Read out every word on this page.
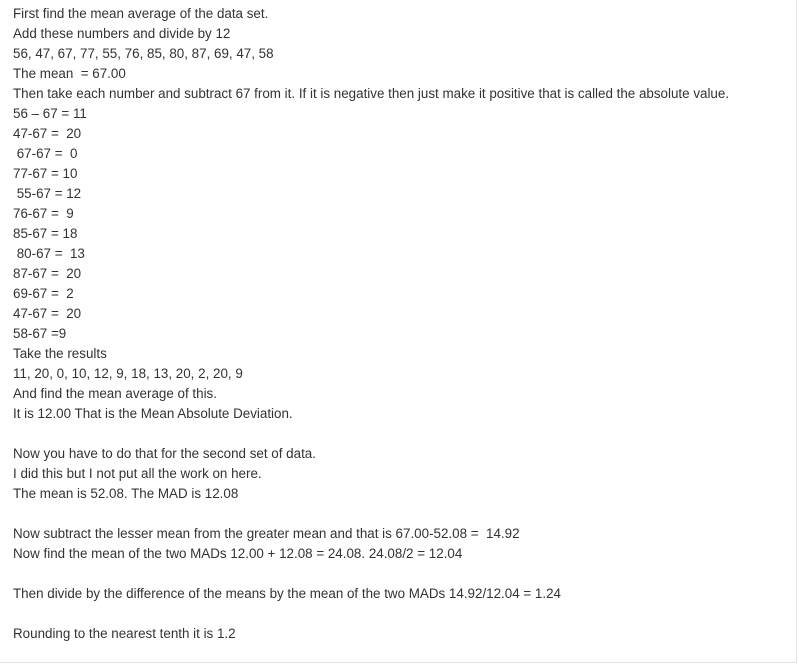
First find the mean average of the data set.
Add these numbers and divide by 12
56, 47, 67, 77, 55, 76, 85, 80, 87, 69, 47, 58
The mean  = 67.00
Then take each number and subtract 67 from it. If it is negative then just make it positive that is called the absolute value.
56 – 67 = 11
47-67 =  20
67-67 =  0
77-67 = 10
55-67 = 12
76-67 =  9
85-67 = 18
80-67 =  13
87-67 =  20
69-67 =  2
47-67 =  20
58-67 =9
Take the results
11, 20, 0, 10, 12, 9, 18, 13, 20, 2, 20, 9
And find the mean average of this.
It is 12.00 That is the Mean Absolute Deviation.
Now you have to do that for the second set of data.
I did this but I not put all the work on here.
The mean is 52.08. The MAD is 12.08
Now subtract the lesser mean from the greater mean and that is 67.00-52.08 =  14.92
Now find the mean of the two MADs 12.00 + 12.08 = 24.08. 24.08/2 = 12.04
Then divide by the difference of the means by the mean of the two MADs 14.92/12.04 = 1.24
Rounding to the nearest tenth it is 1.2
